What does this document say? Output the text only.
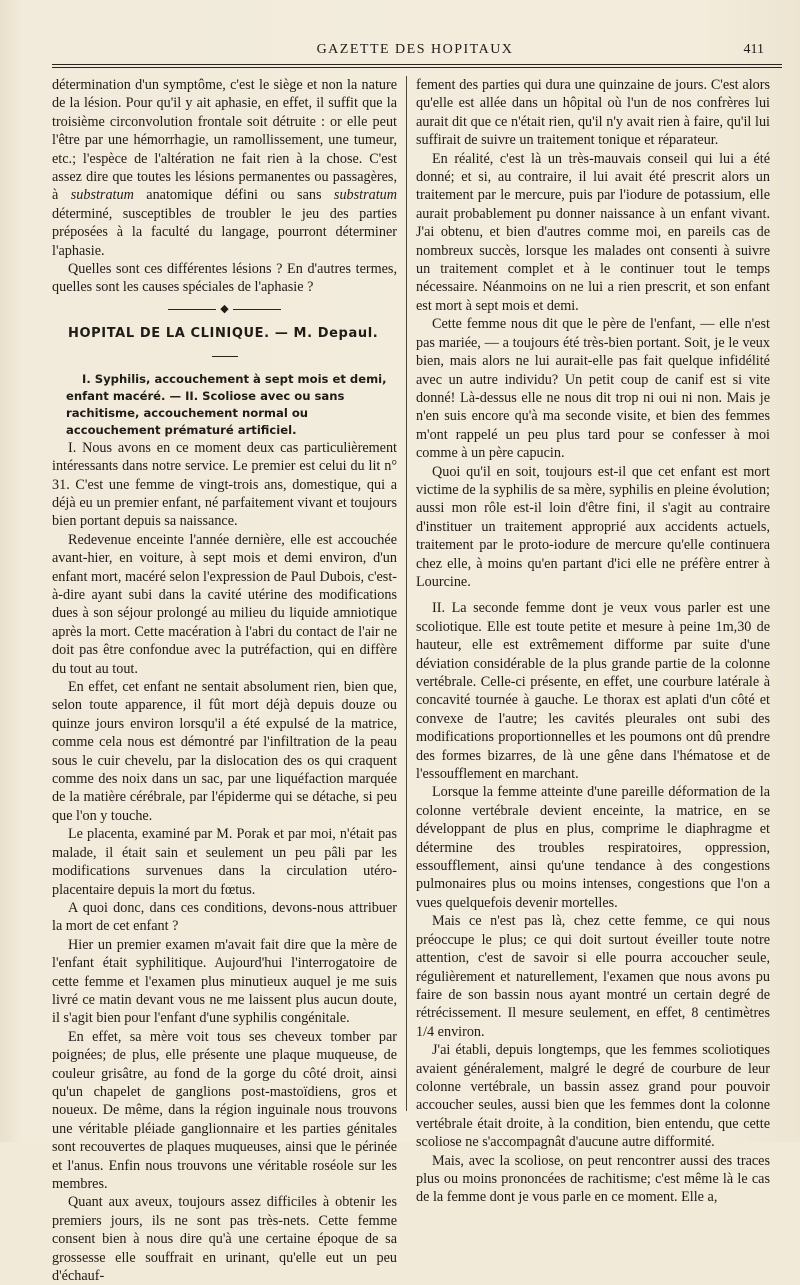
GAZETTE DES HOPITAUX	411

détermination d'un symptôme, c'est le siège et non la nature de la lésion. Pour qu'il y ait aphasie, en effet, il suffit que la troisième circonvolution frontale soit détruite : or elle peut l'être par une hémorrhagie, un ramollissement, une tumeur, etc.; l'espèce de l'altération ne fait rien à la chose. C'est assez dire que toutes les lésions permanentes ou passagères, à substratum anatomique défini ou sans substratum déterminé, susceptibles de troubler le jeu des parties préposées à la faculté du langage, pourront déterminer l'aphasie.

Quelles sont ces différentes lésions ? En d'autres termes, quelles sont les causes spéciales de l'aphasie ?

◆

HOPITAL DE LA CLINIQUE. — M. Depaul.

I. Syphilis, accouchement à sept mois et demi, enfant macéré. — II. Scoliose avec ou sans rachitisme, accouchement normal ou accouchement prématuré artificiel.

I. Nous avons en ce moment deux cas particulièrement intéressants dans notre service. Le premier est celui du lit n° 31. C'est une femme de vingt-trois ans, domestique, qui a déjà eu un premier enfant, né parfaitement vivant et toujours bien portant depuis sa naissance.

Redevenue enceinte l'année dernière, elle est accouchée avant-hier, en voiture, à sept mois et demi environ, d'un enfant mort, macéré selon l'expression de Paul Dubois, c'est-à-dire ayant subi dans la cavité utérine des modifications dues à son séjour prolongé au milieu du liquide amniotique après la mort. Cette macération à l'abri du contact de l'air ne doit pas être confondue avec la putréfaction, qui en diffère du tout au tout.

En effet, cet enfant ne sentait absolument rien, bien que, selon toute apparence, il fût mort déjà depuis douze ou quinze jours environ lorsqu'il a été expulsé de la matrice, comme cela nous est démontré par l'infiltration de la peau sous le cuir chevelu, par la dislocation des os qui craquent comme des noix dans un sac, par une liquéfaction marquée de la matière cérébrale, par l'épiderme qui se détache, si peu que l'on y touche.

Le placenta, examiné par M. Porak et par moi, n'était pas malade, il était sain et seulement un peu pâli par les modifications survenues dans la circulation utéro-placentaire depuis la mort du fœtus.

A quoi donc, dans ces conditions, devons-nous attribuer la mort de cet enfant ?

Hier un premier examen m'avait fait dire que la mère de l'enfant était syphilitique. Aujourd'hui l'interrogatoire de cette femme et l'examen plus minutieux auquel je me suis livré ce matin devant vous ne me laissent plus aucun doute, il s'agit bien pour l'enfant d'une syphilis congénitale.

En effet, sa mère voit tous ses cheveux tomber par poignées; de plus, elle présente une plaque muqueuse, de couleur grisâtre, au fond de la gorge du côté droit, ainsi qu'un chapelet de ganglions post-mastoïdiens, gros et noueux. De même, dans la région inguinale nous trouvons une véritable pléiade ganglionnaire et les parties génitales sont recouvertes de plaques muqueuses, ainsi que le périnée et l'anus. Enfin nous trouvons une véritable roséole sur les membres.

Quant aux aveux, toujours assez difficiles à obtenir les premiers jours, ils ne sont pas très-nets. Cette femme consent bien à nous dire qu'à une certaine époque de sa grossesse elle souffrait en urinant, qu'elle eut un peu d'échauf-

fement des parties qui dura une quinzaine de jours. C'est alors qu'elle est allée dans un hôpital où l'un de nos confrères lui aurait dit que ce n'était rien, qu'il n'y avait rien à faire, qu'il lui suffirait de suivre un traitement tonique et réparateur.

En réalité, c'est là un très-mauvais conseil qui lui a été donné; et si, au contraire, il lui avait été prescrit alors un traitement par le mercure, puis par l'iodure de potassium, elle aurait probablement pu donner naissance à un enfant vivant. J'ai obtenu, et bien d'autres comme moi, en pareils cas de nombreux succès, lorsque les malades ont consenti à suivre un traitement complet et à le continuer tout le temps nécessaire. Néanmoins on ne lui a rien prescrit, et son enfant est mort à sept mois et demi.

Cette femme nous dit que le père de l'enfant, — elle n'est pas mariée, — a toujours été très-bien portant. Soit, je le veux bien, mais alors ne lui aurait-elle pas fait quelque infidélité avec un autre individu? Un petit coup de canif est si vite donné! Là-dessus elle ne nous dit trop ni oui ni non. Mais je n'en suis encore qu'à ma seconde visite, et bien des femmes m'ont rappelé un peu plus tard pour se confesser à moi comme à un père capucin.

Quoi qu'il en soit, toujours est-il que cet enfant est mort victime de la syphilis de sa mère, syphilis en pleine évolution; aussi mon rôle est-il loin d'être fini, il s'agit au contraire d'instituer un traitement approprié aux accidents actuels, traitement par le proto-iodure de mercure qu'elle continuera chez elle, à moins qu'en partant d'ici elle ne préfère entrer à Lourcine.

II. La seconde femme dont je veux vous parler est une scoliotique. Elle est toute petite et mesure à peine 1m,30 de hauteur, elle est extrêmement difforme par suite d'une déviation considérable de la plus grande partie de la colonne vertébrale. Celle-ci présente, en effet, une courbure latérale à concavité tournée à gauche. Le thorax est aplati d'un côté et convexe de l'autre; les cavités pleurales ont subi des modifications proportionnelles et les poumons ont dû prendre des formes bizarres, de là une gêne dans l'hématose et de l'essoufflement en marchant.

Lorsque la femme atteinte d'une pareille déformation de la colonne vertébrale devient enceinte, la matrice, en se développant de plus en plus, comprime le diaphragme et détermine des troubles respiratoires, oppression, essoufflement, ainsi qu'une tendance à des congestions pulmonaires plus ou moins intenses, congestions que l'on a vues quelquefois devenir mortelles.

Mais ce n'est pas là, chez cette femme, ce qui nous préoccupe le plus; ce qui doit surtout éveiller toute notre attention, c'est de savoir si elle pourra accoucher seule, régulièrement et naturellement, l'examen que nous avons pu faire de son bassin nous ayant montré un certain degré de rétrécissement. Il mesure seulement, en effet, 8 centimètres 1/4 environ.

J'ai établi, depuis longtemps, que les femmes scoliotiques avaient généralement, malgré le degré de courbure de leur colonne vertébrale, un bassin assez grand pour pouvoir accoucher seules, aussi bien que les femmes dont la colonne vertébrale était droite, à la condition, bien entendu, que cette scoliose ne s'accompagnât d'aucune autre difformité.

Mais, avec la scoliose, on peut rencontrer aussi des traces plus ou moins prononcées de rachitisme; c'est même là le cas de la femme dont je vous parle en ce moment. Elle a,
